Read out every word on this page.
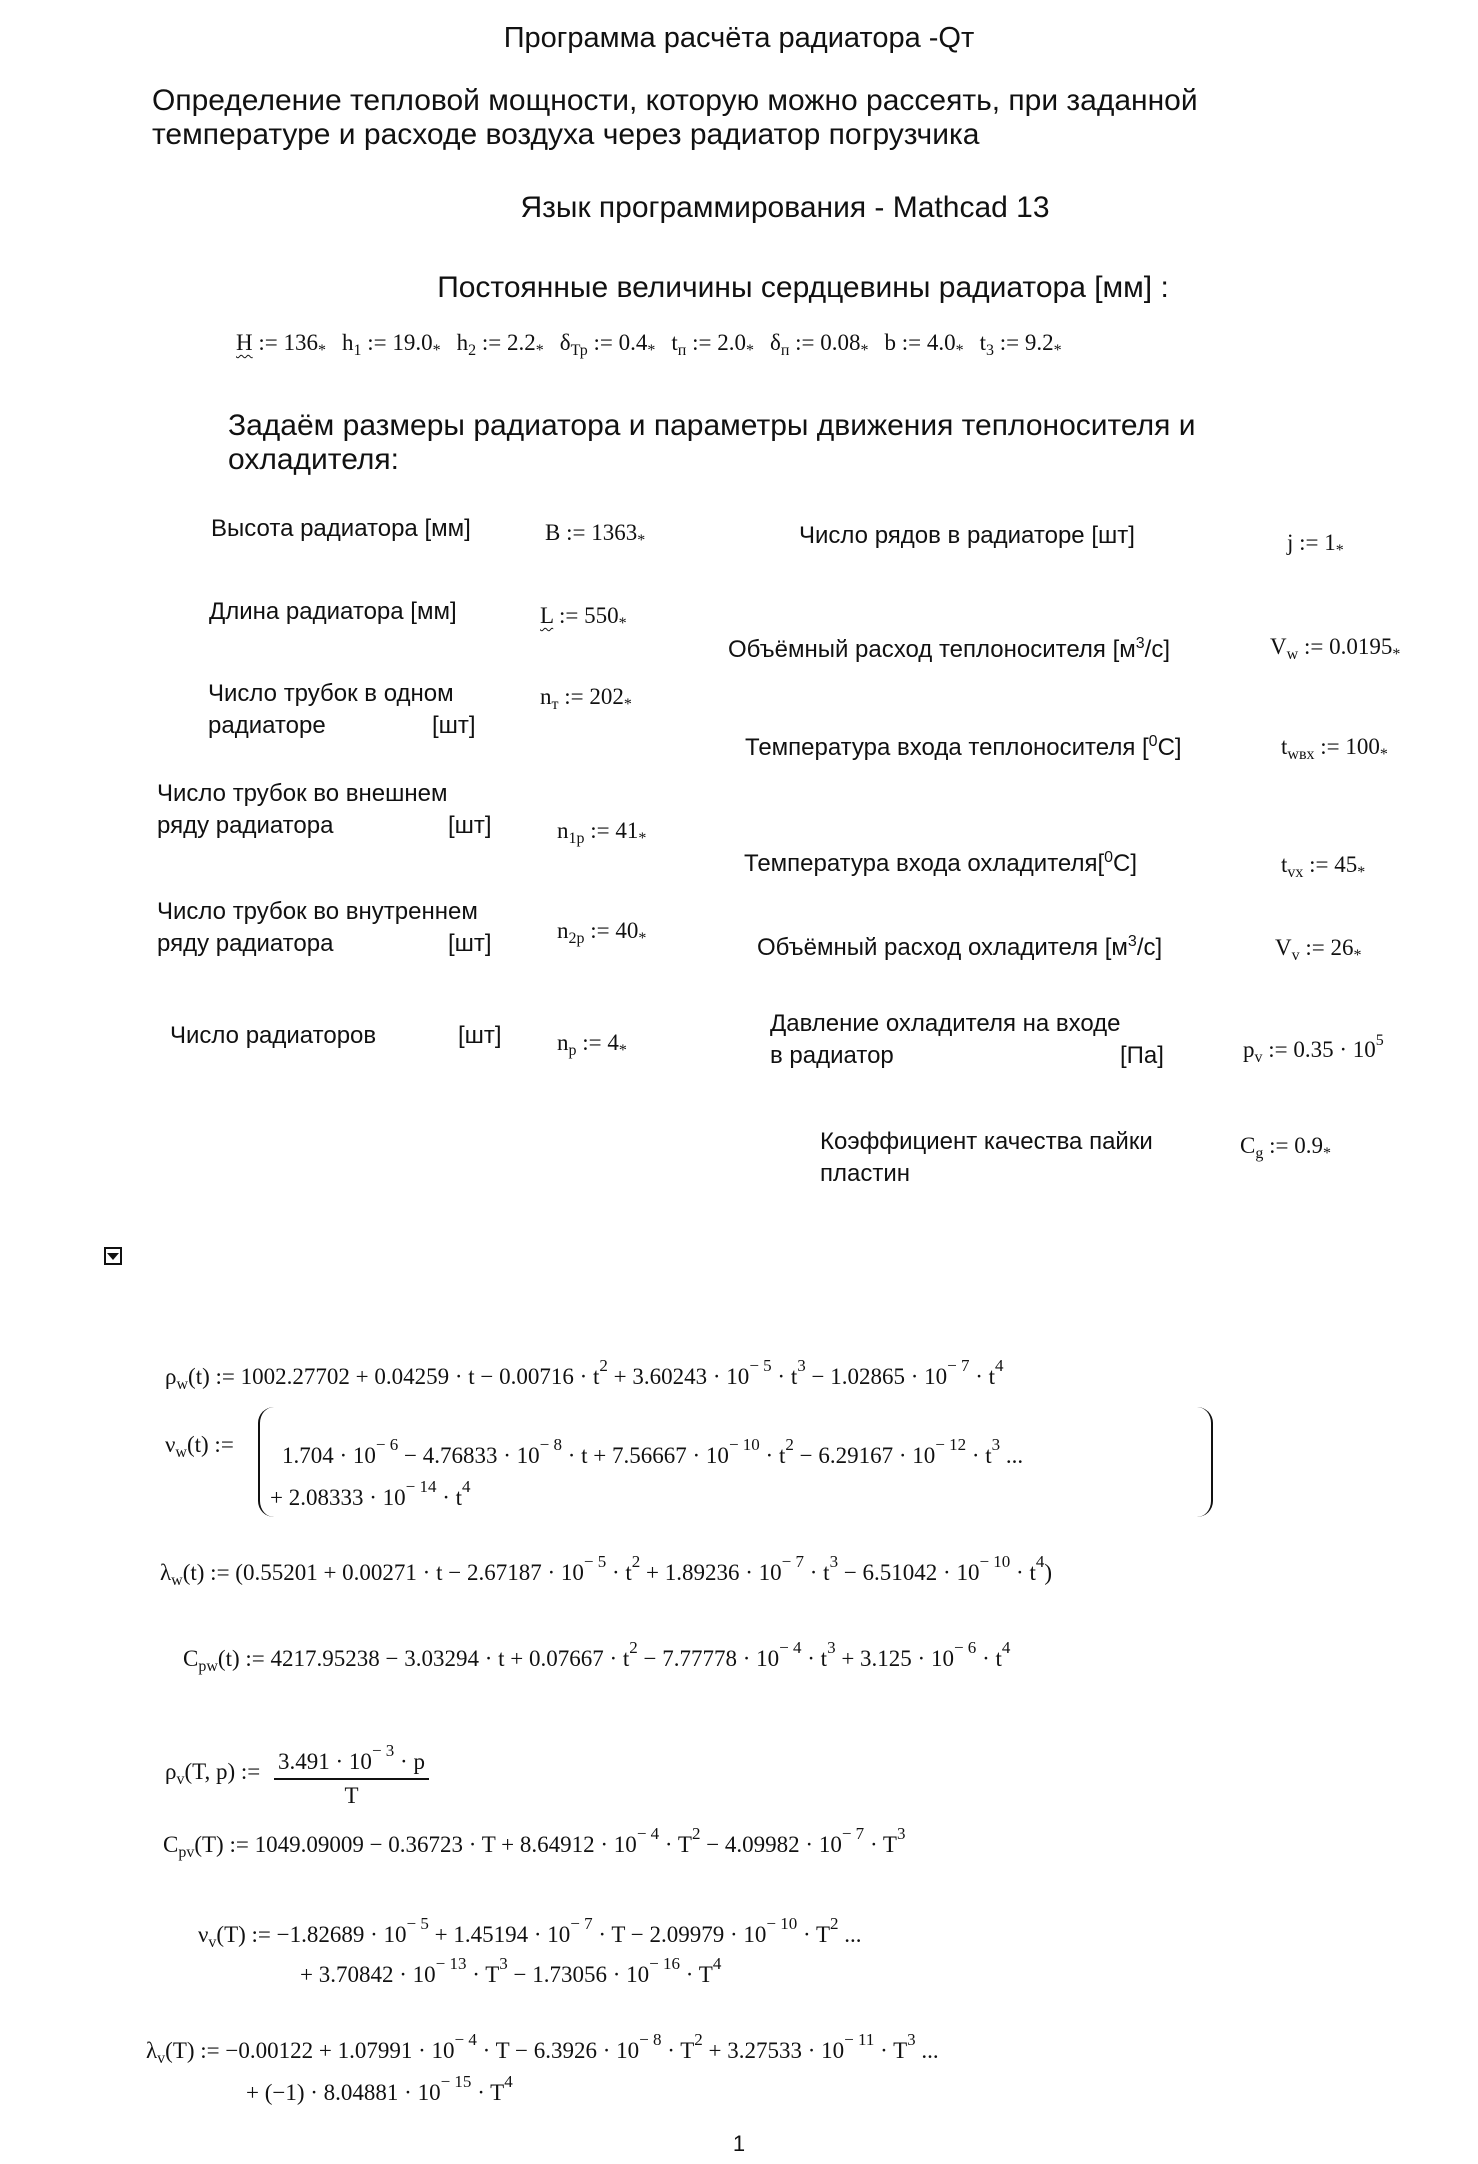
Программа расчёта радиатора -Qт
Определение тепловой мощности, которую можно рассеять, при заданной
температуре и расходе воздуха через радиатор погрузчика
Язык программирования - Mathcad 13
Постоянные величины сердцевины радиатора [мм] :
H := $136_*$ $h_1$ := $19.0_*$ $h_2$ := $2.2_*$ $\delta_{Тр}$ := $0.4_*$ $t_п$ := $2.0_*$ $\delta_п$ := $0.08_*$ b := $4.0_*$ $t_3$ := $9.2_*$
Задаём размеры радиатора и параметры движения теплоносителя и
охладителя:
Высота радиатора [мм]	B := $1363_*$
Длина радиатора [мм]	L := $550_*$
Число трубок в одном
радиаторе	[шт]
$n_т$ := $202_*$
Число трубок во внешнем
ряду радиатора	[шт]	$n_{1р}$ := $41_*$
Число трубок во внутреннем
ряду радиатора	[шт]	$n_{2р}$ := $40_*$
Число радиаторов	[шт] $n_р$ := $4_*$
Число рядов в радиаторе [шт]	j := $1_*$
Объёмный расход теплоносителя $[м^3/с]$	$V_w$ := $0.0195_*$
Температура входа теплоносителя [$^0$С]	$t_{wвх}$ := $100_*$
Температура входа охладителя[$^0$С]	$t_{vx}$ := $45_*$
Объёмный расход охладителя $[м^3/с]$	$V_v$ := $26_*$
Давление охладителя на входе
в радиатор	[Па]	$p_v$ := $0.35 \cdot 10^5$
Коэффициент качества пайки
пластин
$C_g$ := $0.9_*$
$\rho_w(t)$ := $1002.27702 + 0.04259 \cdot t - 0.00716 \cdot t^2 + 3.60243 \cdot 10^{- 5} \cdot t^3 - 1.02865 \cdot 10^{- 7} \cdot t^4$
$\nu_w(t)$ := $1.704 \cdot 10^{- 6} - 4.76833 \cdot 10^{- 8} \cdot t + 7.56667 \cdot 10^{- 10} \cdot t^2 - 6.29167 \cdot 10^{- 12} \cdot t^3$ ...
+ $2.08333 \cdot 10^{- 14} \cdot t^4$
$\lambda_w(t)$ := $(0.55201 + 0.00271 \cdot t - 2.67187 \cdot 10^{- 5} \cdot t^2 + 1.89236 \cdot 10^{- 7} \cdot t^3 - 6.51042 \cdot 10^{- 10} \cdot t^4)$
$C_{pw}(t)$ := $4217.95238 - 3.03294 \cdot t + 0.07667 \cdot t^2 - 7.77778 \cdot 10^{- 4} \cdot t^3 + 3.125 \cdot 10^{- 6} \cdot t^4$
$\rho_v(T$, p) := $\frac{3.491 \cdot 10^{- 3} \cdot p}{T}$
$C_{pv}(T)$ := $1049.09009 - 0.36723 \cdot T + 8.64912 \cdot 10^{- 4} \cdot T^2 - 4.09982 \cdot 10^{- 7} \cdot T^3$
$\nu_v(T)$ := $-1.82689 \cdot 10^{- 5} + 1.45194 \cdot 10^{- 7} \cdot T - 2.09979 \cdot 10^{- 10} \cdot T^2$ ...
+ $3.70842 \cdot 10^{- 13} \cdot T^3 - 1.73056 \cdot 10^{- 16} \cdot T^4$
$\lambda_v(T)$ := $-0.00122 + 1.07991 \cdot 10^{- 4} \cdot T - 6.3926 \cdot 10^{- 8} \cdot T^2 + 3.27533 \cdot 10^{- 11} \cdot T^3$ ...
+ $(-1) \cdot 8.04881 \cdot 10^{- 15} \cdot T^4$
1
